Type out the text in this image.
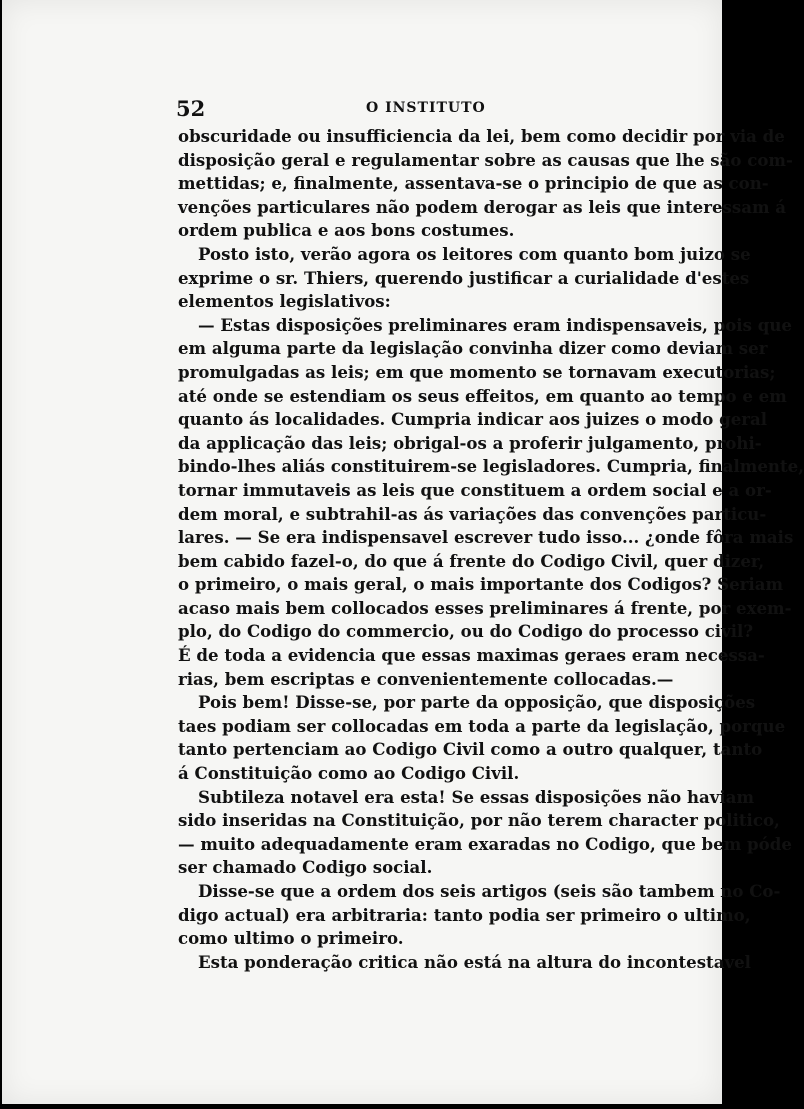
52	O INSTITUTO
obscuridade ou insufficiencia da lei, bem como decidir por via de
disposição geral e regulamentar sobre as causas que lhe são com-
mettidas; e, finalmente, assentava-se o principio de que as con-
venções particulares não podem derogar as leis que interessam á
ordem publica e aos bons costumes.
Posto isto, verão agora os leitores com quanto bom juizo se
exprime o sr. Thiers, querendo justificar a curialidade d'estes
elementos legislativos:
— Estas disposições preliminares eram indispensaveis, pois que
em alguma parte da legislação convinha dizer como deviam ser
promulgadas as leis; em que momento se tornavam executorias;
até onde se estendiam os seus effeitos, em quanto ao tempo e em
quanto ás localidades. Cumpria indicar aos juizes o modo geral
da applicação das leis; obrigal-os a proferir julgamento, prohi-
bindo-lhes aliás constituirem-se legisladores. Cumpria, finalmente,
tornar immutaveis as leis que constituem a ordem social e a or-
dem moral, e subtrahil-as ás variações das convenções particu-
lares. — Se era indispensavel escrever tudo isso... ¿onde fôra mais
bem cabido fazel-o, do que á frente do Codigo Civil, quer dizer,
o primeiro, o mais geral, o mais importante dos Codigos? Seriam
acaso mais bem collocados esses preliminares á frente, por exem-
plo, do Codigo do commercio, ou do Codigo do processo civil?
É de toda a evidencia que essas maximas geraes eram necessa-
rias, bem escriptas e convenientemente collocadas.—
Pois bem! Disse-se, por parte da opposição, que disposições
taes podiam ser collocadas em toda a parte da legislação, porque
tanto pertenciam ao Codigo Civil como a outro qualquer, tanto
á Constituição como ao Codigo Civil.
Subtileza notavel era esta! Se essas disposições não haviam
sido inseridas na Constituição, por não terem character politico,
— muito adequadamente eram exaradas no Codigo, que bem póde
ser chamado Codigo social.
Disse-se que a ordem dos seis artigos (seis são tambem no Co-
digo actual) era arbitraria: tanto podia ser primeiro o ultimo,
como ultimo o primeiro.
Esta ponderação critica não está na altura do incontestavel
